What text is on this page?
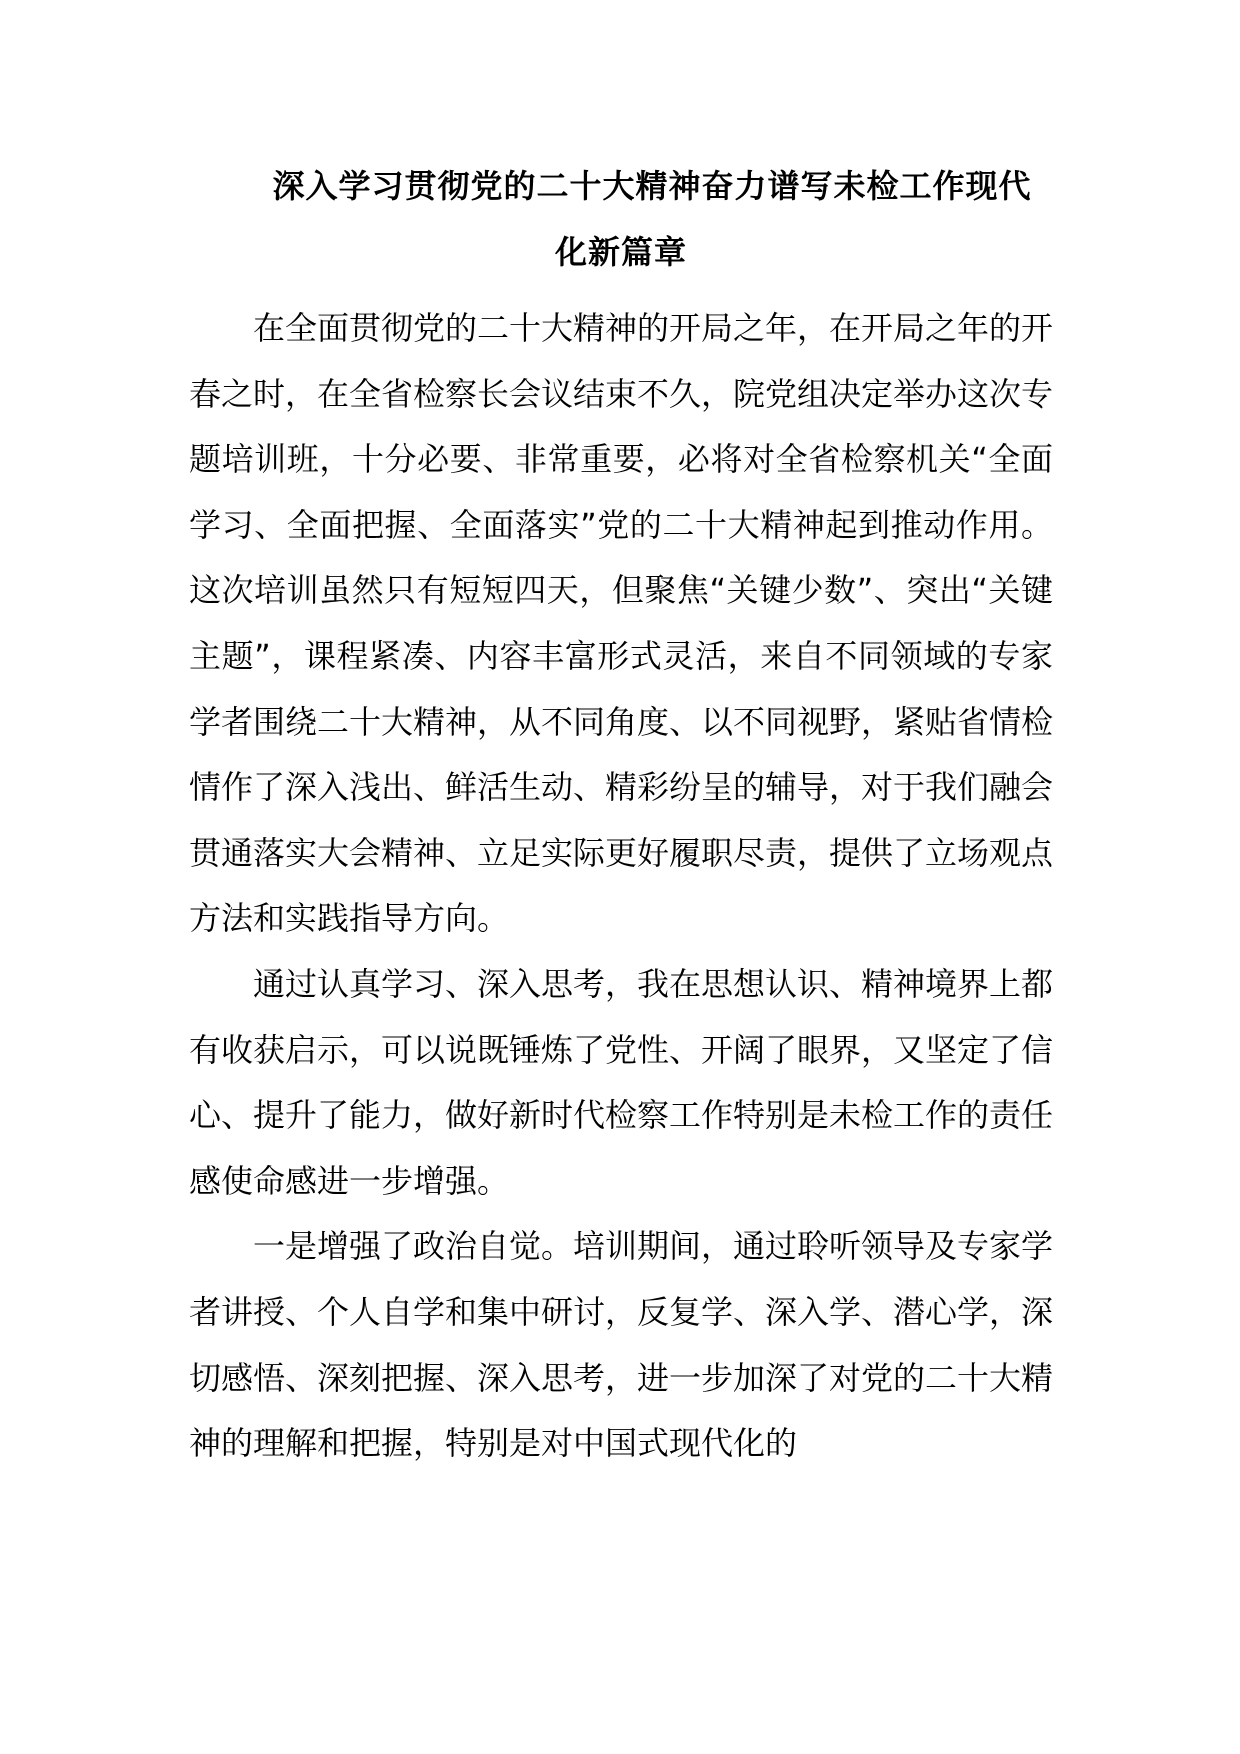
深入学习贯彻党的二十大精神奋力谱写未检工作现代
化新篇章

在全面贯彻党的二十大精神的开局之年，在开局之年的开春之时，在全省检察长会议结束不久，院党组决定举办这次专题培训班，十分必要、非常重要，必将对全省检察机关“全面学习、全面把握、全面落实”党的二十大精神起到推动作用。这次培训虽然只有短短四天，但聚焦“关键少数”、突出“关键主题”，课程紧凑、内容丰富形式灵活，来自不同领域的专家学者围绕二十大精神，从不同角度、以不同视野，紧贴省情检情作了深入浅出、鲜活生动、精彩纷呈的辅导，对于我们融会贯通落实大会精神、立足实际更好履职尽责，提供了立场观点方法和实践指导方向。

通过认真学习、深入思考，我在思想认识、精神境界上都有收获启示，可以说既锤炼了党性、开阔了眼界，又坚定了信心、提升了能力，做好新时代检察工作特别是未检工作的责任感使命感进一步增强。

一是增强了政治自觉。培训期间，通过聆听领导及专家学者讲授、个人自学和集中研讨，反复学、深入学、潜心学，深切感悟、深刻把握、深入思考，进一步加深了对党的二十大精神的理解和把握，特别是对中国式现代化的
